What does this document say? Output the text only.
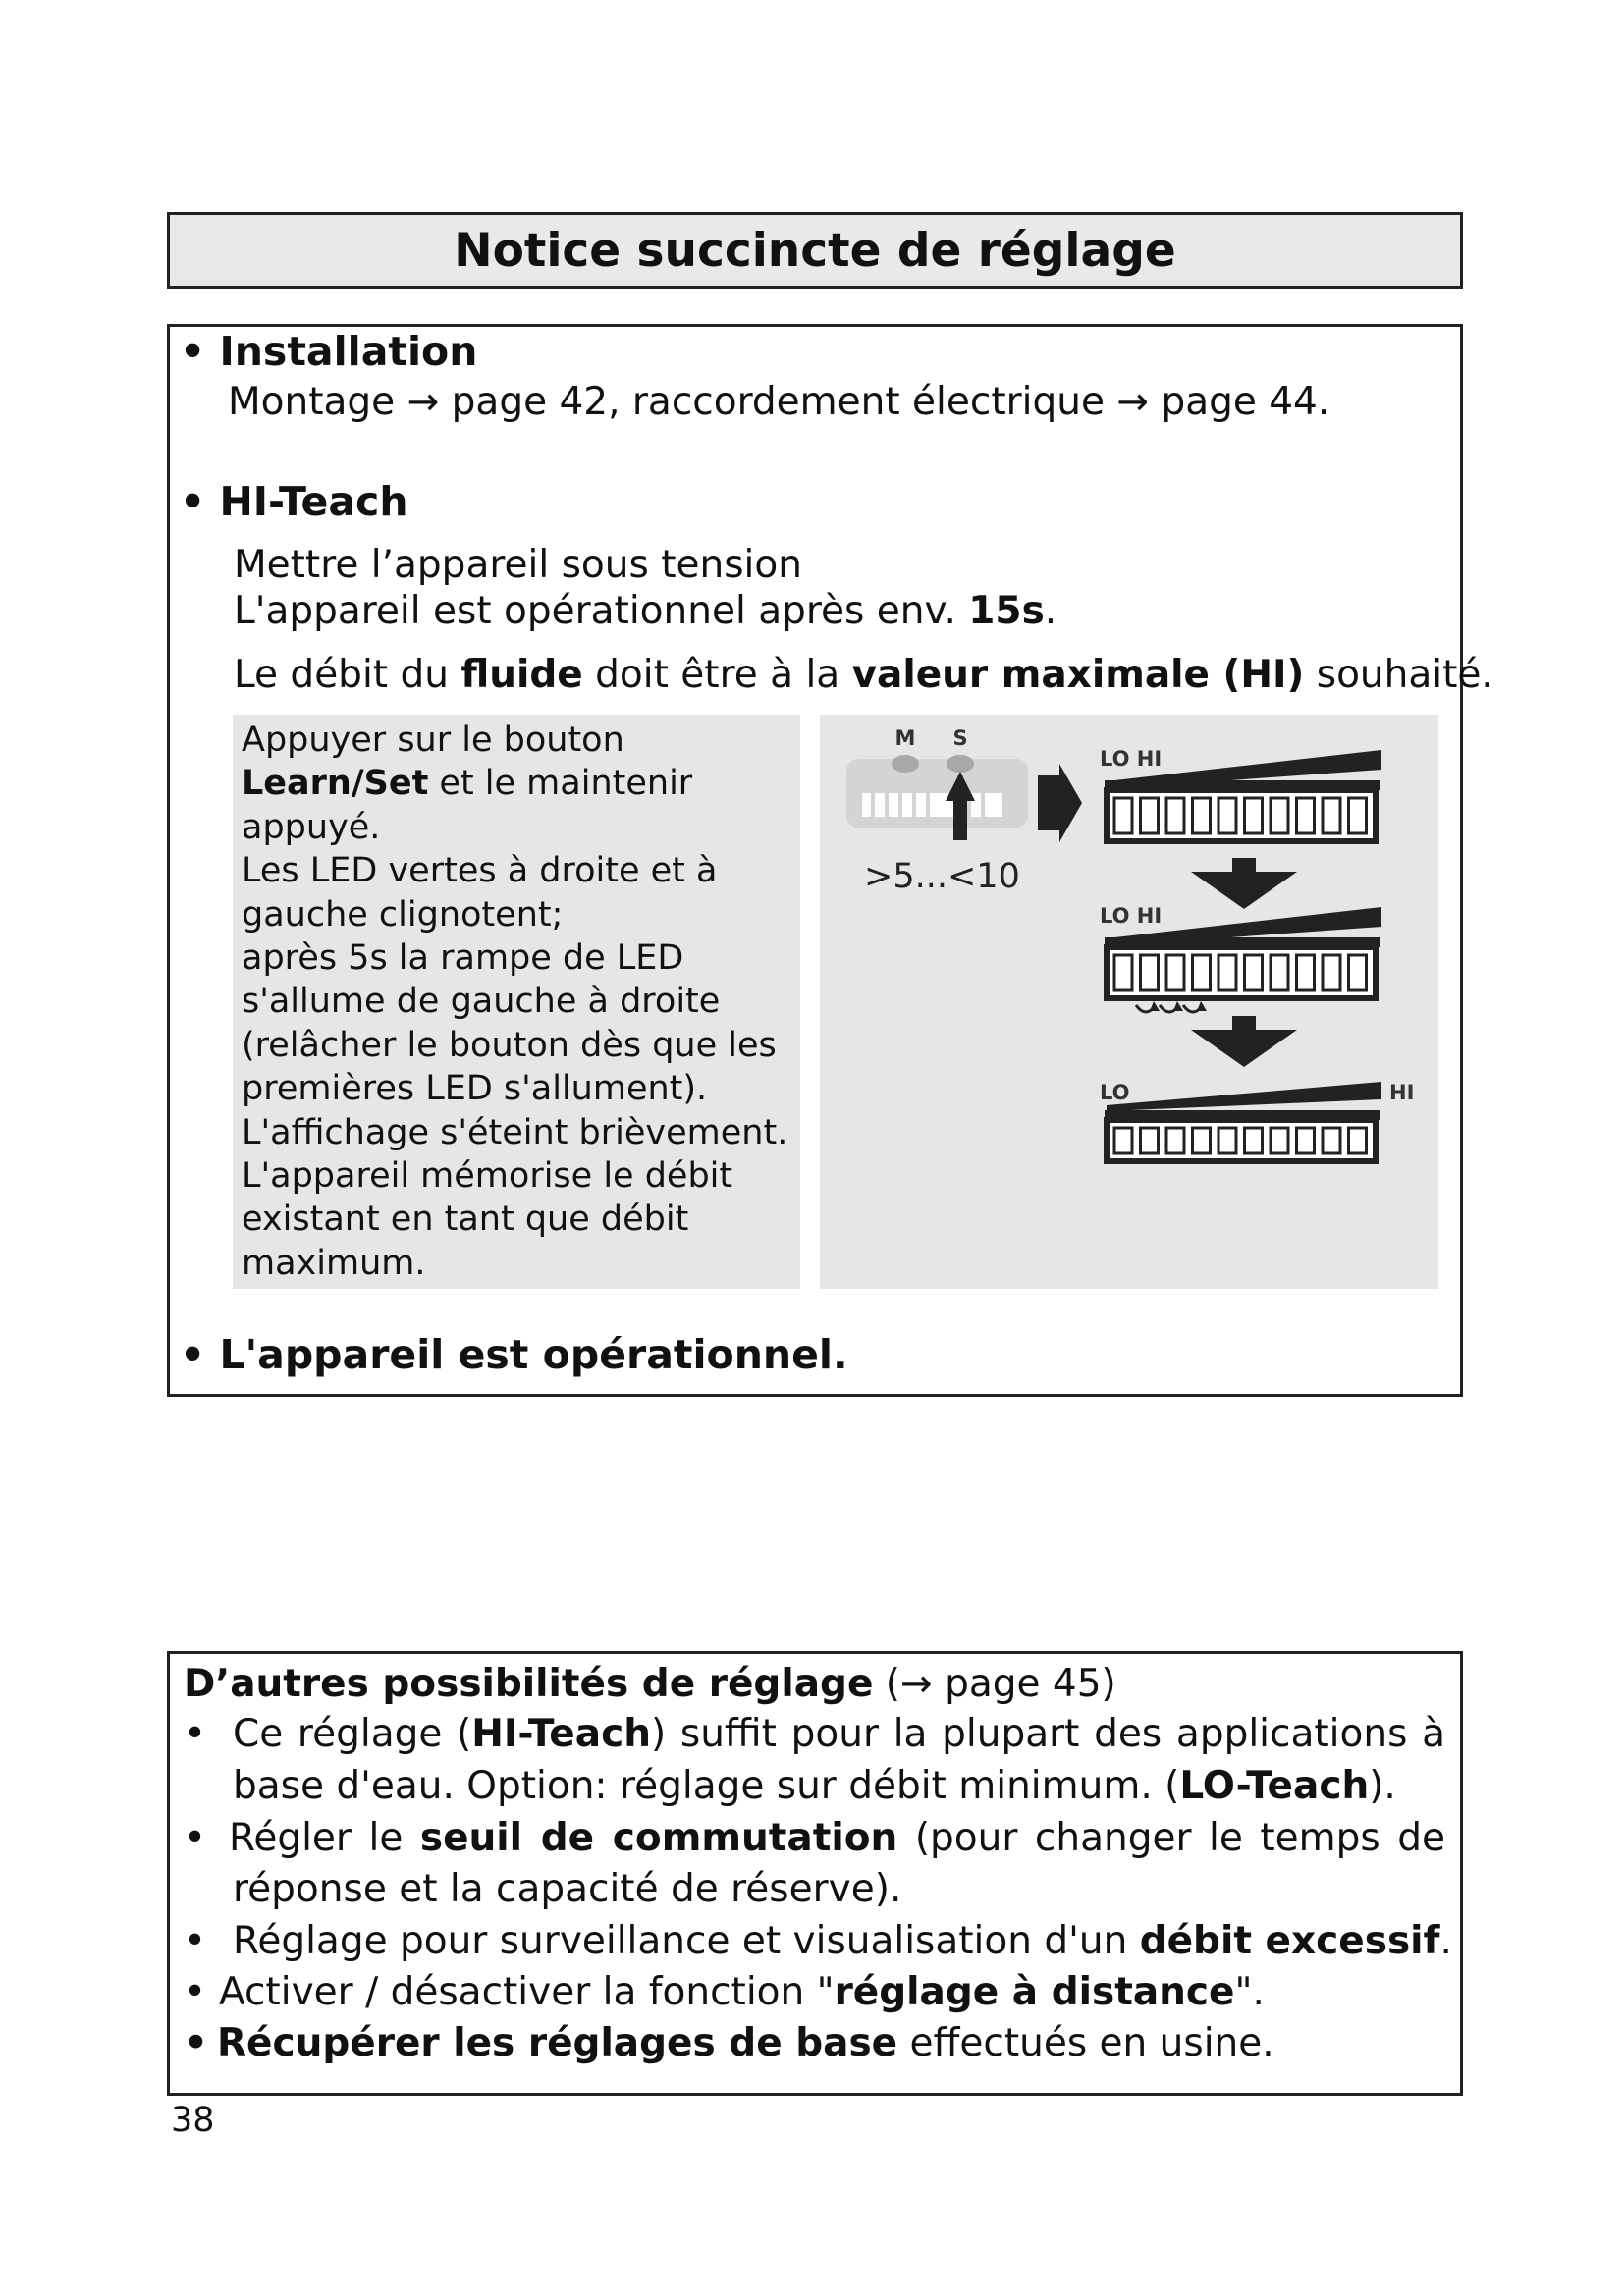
Notice succincte de réglage
• Installation
Montage → page 42, raccordement électrique → page 44.
• HI-Teach
Mettre l’appareil sous tension
L'appareil est opérationnel après env. 15s.
Le débit du fluide doit être à la valeur maximale (HI) souhaité.
Appuyer sur le bouton
Learn/Set et le maintenir
appuyé.
Les LED vertes à droite et à
gauche clignotent;
après 5s la rampe de LED
s'allume de gauche à droite
(relâcher le bouton dès que les
premières LED s'allument).
L'affichage s'éteint brièvement.
L'appareil mémorise le débit
existant en tant que débit
maximum.
M S
>5...<10
LO HI
LO HI
LO	HI
• L'appareil est opérationnel.
D’autres possibilités de réglage (→ page 45)
• Ce réglage (HI-Teach) suffit pour la plupart des applications à
base d'eau. Option: réglage sur débit minimum. (LO-Teach).
• Régler le seuil de commutation (pour changer le temps de
réponse et la capacité de réserve).
• Réglage pour surveillance et visualisation d'un débit excessif.
• Activer / désactiver la fonction "réglage à distance".
• Récupérer les réglages de base effectués en usine.
38
